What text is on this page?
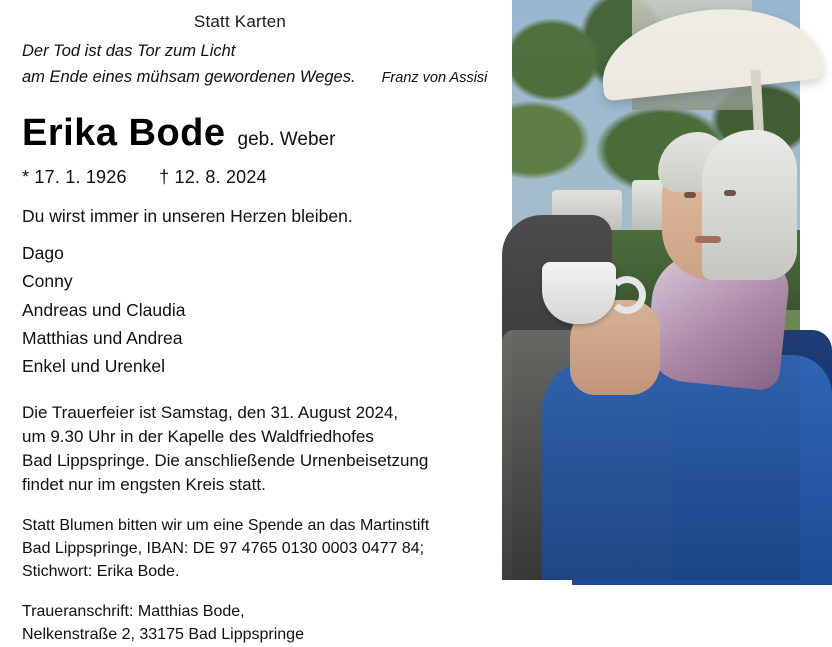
Statt Karten
Der Tod ist das Tor zum Licht
am Ende eines mühsam gewordenen Weges. Franz von Assisi
Erika Bode geb. Weber
* 17. 1. 1926 † 12. 8. 2024
Du wirst immer in unseren Herzen bleiben.
Dago
Conny
Andreas und Claudia
Matthias und Andrea
Enkel und Urenkel
Die Trauerfeier ist Samstag, den 31. August 2024,
um 9.30 Uhr in der Kapelle des Waldfriedhofes
Bad Lippspringe. Die anschließende Urnenbeisetzung
findet nur im engsten Kreis statt.
Statt Blumen bitten wir um eine Spende an das Martinstift
Bad Lippspringe, IBAN: DE 97 4765 0130 0003 0477 84;
Stichwort: Erika Bode.
Traueranschrift: Matthias Bode,
Nelkenstraße 2, 33175 Bad Lippspringe
